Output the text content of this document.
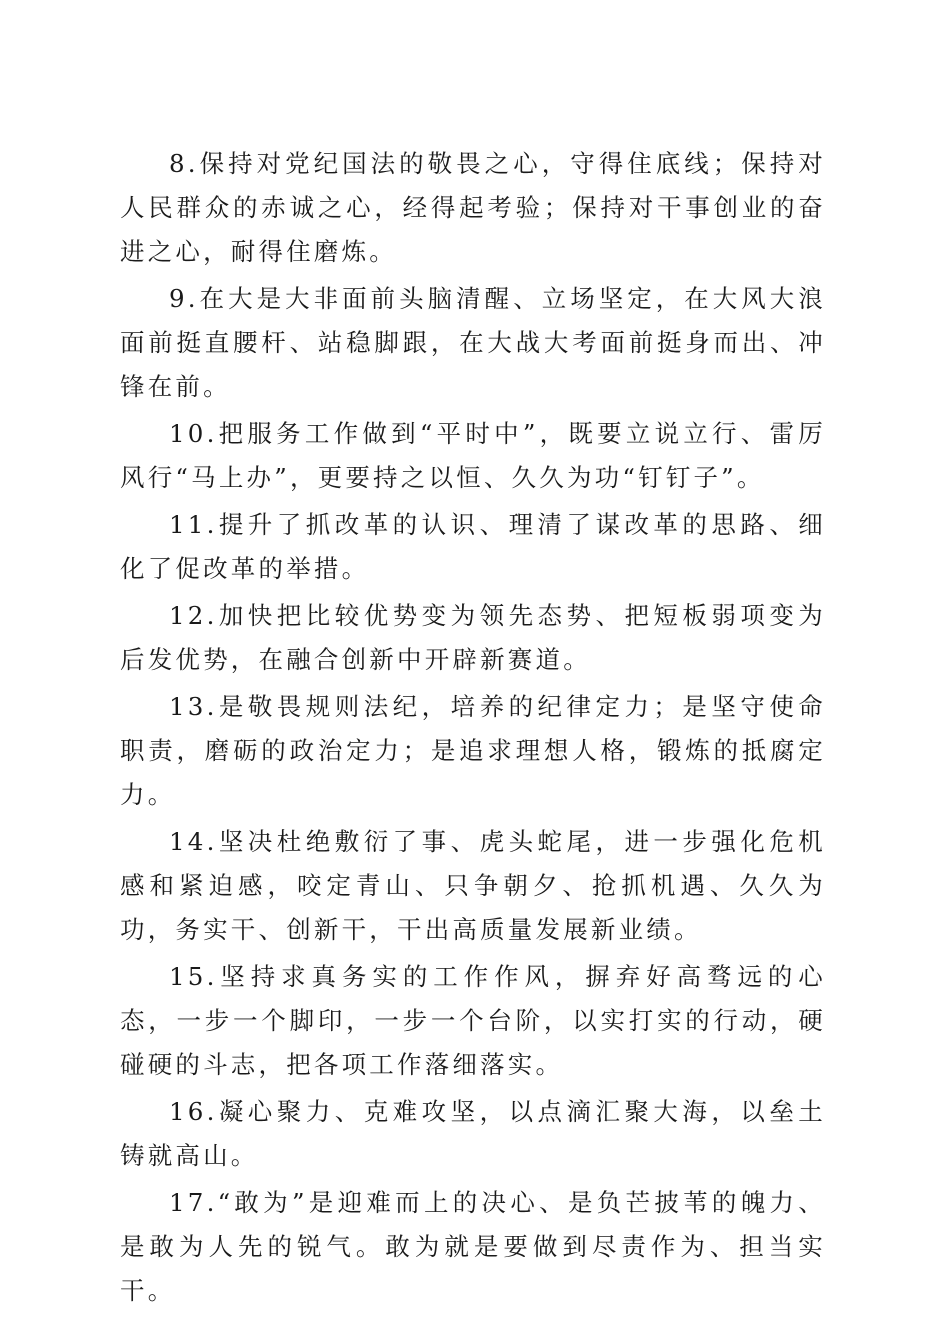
8.保持对党纪国法的敬畏之心，守得住底线；保持对人民群众的赤诚之心，经得起考验；保持对干事创业的奋进之心，耐得住磨炼。

9.在大是大非面前头脑清醒、立场坚定，在大风大浪面前挺直腰杆、站稳脚跟，在大战大考面前挺身而出、冲锋在前。

10.把服务工作做到“平时中”，既要立说立行、雷厉风行“马上办”，更要持之以恒、久久为功“钉钉子”。

11.提升了抓改革的认识、理清了谋改革的思路、细化了促改革的举措。

12.加快把比较优势变为领先态势、把短板弱项变为后发优势，在融合创新中开辟新赛道。

13.是敬畏规则法纪，培养的纪律定力；是坚守使命职责，磨砺的政治定力；是追求理想人格，锻炼的抵腐定力。

14.坚决杜绝敷衍了事、虎头蛇尾，进一步强化危机感和紧迫感，咬定青山、只争朝夕、抢抓机遇、久久为功，务实干、创新干，干出高质量发展新业绩。

15.坚持求真务实的工作作风，摒弃好高骛远的心态，一步一个脚印，一步一个台阶，以实打实的行动，硬碰硬的斗志，把各项工作落细落实。

16.凝心聚力、克难攻坚，以点滴汇聚大海，以垒土铸就高山。

17.“敢为”是迎难而上的决心、是负芒披苇的魄力、是敢为人先的锐气。敢为就是要做到尽责作为、担当实干。
